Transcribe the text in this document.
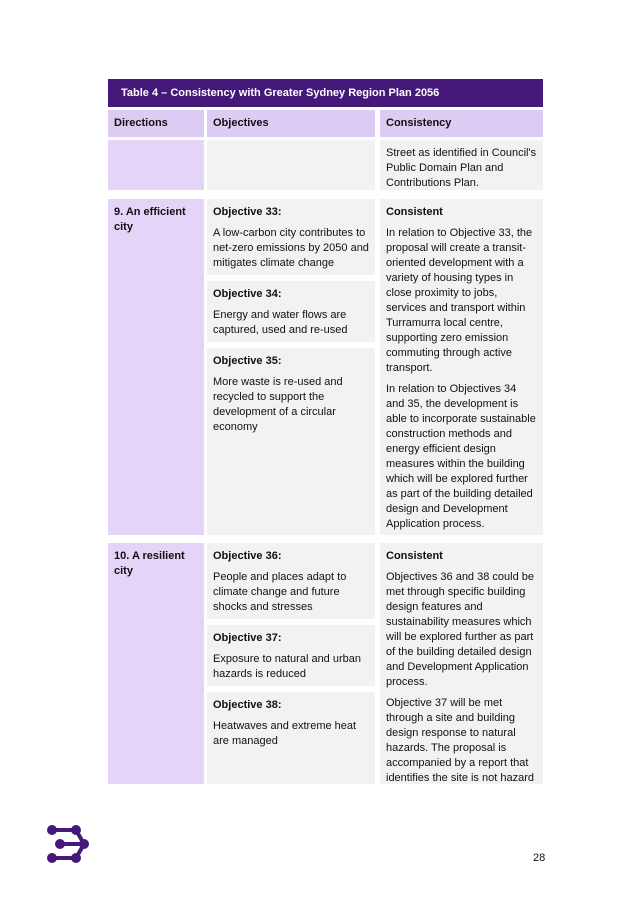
Table 4 – Consistency with Greater Sydney Region Plan 2056
Directions	Objectives	Consistency
Street as identified in Council's Public Domain Plan and Contributions Plan.
9. An efficient city
Objective 33:
A low-carbon city contributes to net-zero emissions by 2050 and mitigates climate change
Objective 34:
Energy and water flows are captured, used and re-used
Objective 35:
More waste is re-used and recycled to support the development of a circular economy
Consistent
In relation to Objective 33, the proposal will create a transit-oriented development with a variety of housing types in close proximity to jobs, services and transport within Turramurra local centre, supporting zero emission commuting through active transport.
In relation to Objectives 34 and 35, the development is able to incorporate sustainable construction methods and energy efficient design measures within the building which will be explored further as part of the building detailed design and Development Application process.
10. A resilient city
Objective 36:
People and places adapt to climate change and future shocks and stresses
Objective 37:
Exposure to natural and urban hazards is reduced
Objective 38:
Heatwaves and extreme heat are managed
Consistent
Objectives 36 and 38 could be met through specific building design features and sustainability measures which will be explored further as part of the building detailed design and Development Application process.
Objective 37 will be met through a site and building design response to natural hazards. The proposal is accompanied by a report that identifies the site is not hazard
28
